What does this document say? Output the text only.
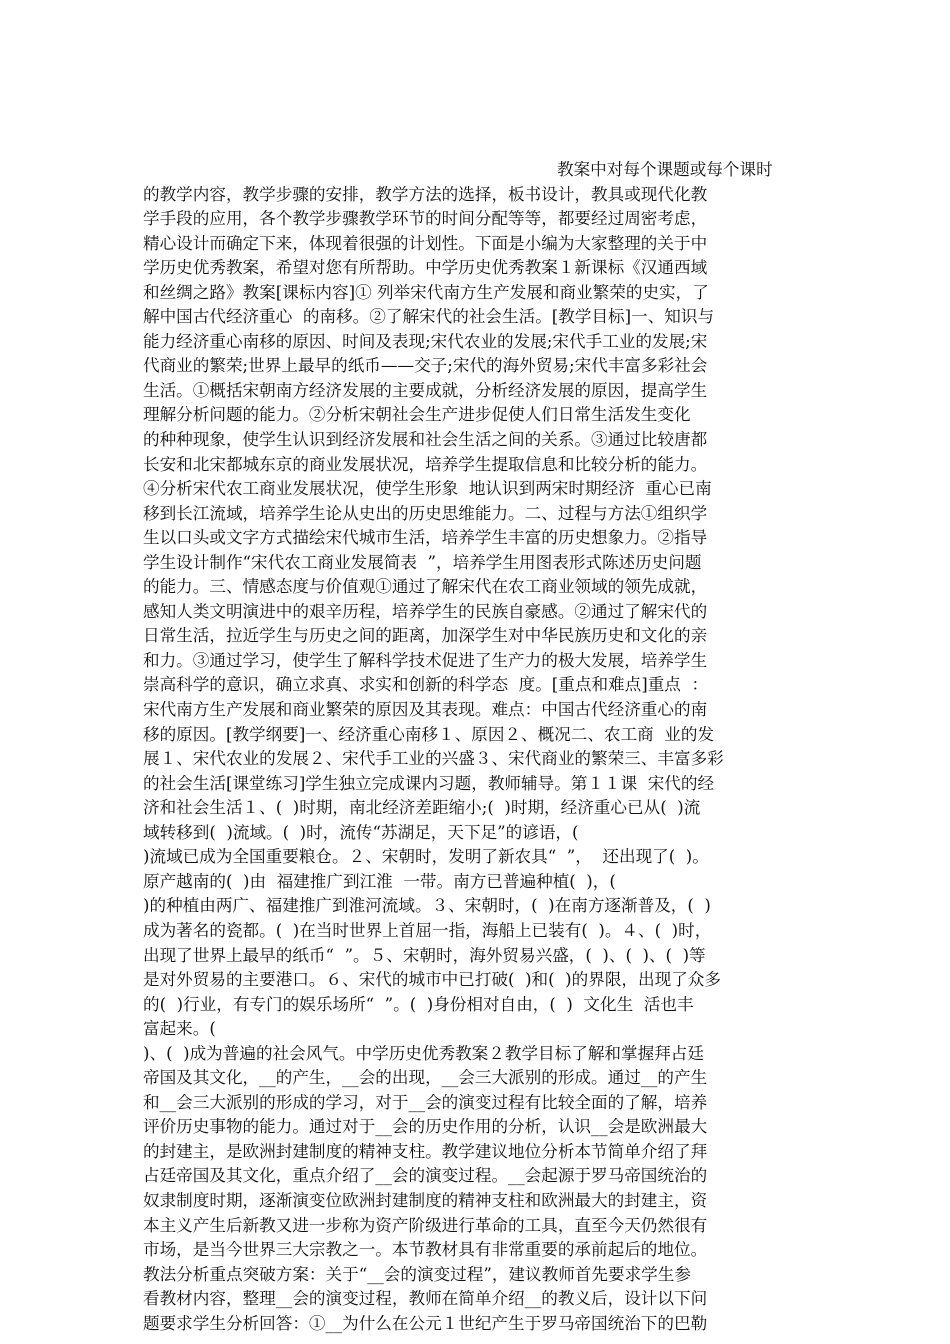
教案中对每个课题或每个课时
的教学内容，教学步骤的安排，教学方法的选择，板书设计，教具或现代化教
学手段的应用，各个教学步骤教学环节的时间分配等等，都要经过周密考虑，
精心设计而确定下来，体现着很强的计划性。下面是小编为大家整理的关于中
学历史优秀教案，希望对您有所帮助。中学历史优秀教案１新课标《汉通西域
和丝绸之路》教案[课标内容]① 列举宋代南方生产发展和商业繁荣的史实，了
解中国古代经济重心  的南移。②了解宋代的社会生活。[教学目标]一、知识与
能力经济重心南移的原因、时间及表现;宋代农业的发展;宋代手工业的发展;宋
代商业的繁荣;世界上最早的纸币——交子;宋代的海外贸易;宋代丰富多彩社会
生活。①概括宋朝南方经济发展的主要成就，分析经济发展的原因，提高学生
理解分析问题的能力。②分析宋朝社会生产进步促使人们日常生活发生变化
的种种现象，使学生认识到经济发展和社会生活之间的关系。③通过比较唐都
长安和北宋都城东京的商业发展状况，培养学生提取信息和比较分析的能力。
④分析宋代农工商业发展状况，使学生形象  地认识到两宋时期经济  重心已南
移到长江流域，培养学生论从史出的历史思维能力。二、过程与方法①组织学
生以口头或文字方式描绘宋代城市生活，培养学生丰富的历史想象力。②指导
学生设计制作“宋代农工商业发展简表  ”，培养学生用图表形式陈述历史问题
的能力。三、情感态度与价值观①通过了解宋代在农工商业领域的领先成就，
感知人类文明演进中的艰辛历程，培养学生的民族自豪感。②通过了解宋代的
日常生活，拉近学生与历史之间的距离，加深学生对中华民族历史和文化的亲
和力。③通过学习，使学生了解科学技术促进了生产力的极大发展，培养学生
崇高科学的意识，确立求真、求实和创新的科学态  度。[重点和难点]重点  ：
宋代南方生产发展和商业繁荣的原因及其表现。难点：中国古代经济重心的南
移的原因。[教学纲要]一、经济重心南移１、原因２、概况二、农工商  业的发
展１、宋代农业的发展２、宋代手工业的兴盛３、宋代商业的繁荣三、丰富多彩
的社会生活[课堂练习]学生独立完成课内习题，教师辅导。第１１课  宋代的经
济和社会生活１、(  )时期，南北经济差距缩小;(  )时期，经济重心已从(  )流
域转移到(  )流域。(  )时，流传“苏湖足，天下足”的谚语，(
)流域已成为全国重要粮仓。２、宋朝时，发明了新农具“  ”，  还出现了(  )。
原产越南的(  )由  福建推广到江淮  一带。南方已普遍种植(  )，(
)的种植由两广、福建推广到淮河流域。３、宋朝时，(  )在南方逐渐普及，(  )
成为著名的瓷都。(  )在当时世界上首屈一指，海船上已装有(  )。４、(  )时，
出现了世界上最早的纸币“  ”。５、宋朝时，海外贸易兴盛，(  )、(  )、(  )等
是对外贸易的主要港口。６、宋代的城市中已打破(  )和(  )的界限，出现了众多
的(  )行业，有专门的娱乐场所“  ”。(  )身份相对自由，(  )  文化生  活也丰
富起来。(
)、(  )成为普遍的社会风气。中学历史优秀教案２教学目标了解和掌握拜占廷
帝国及其文化，__的产生，__会的出现，__会三大派别的形成。通过__的产生
和__会三大派别的形成的学习，对于__会的演变过程有比较全面的了解，培养
评价历史事物的能力。通过对于__会的历史作用的分析，认识__会是欧洲最大
的封建主，是欧洲封建制度的精神支柱。教学建议地位分析本节简单介绍了拜
占廷帝国及其文化，重点介绍了__会的演变过程。__会起源于罗马帝国统治的
奴隶制度时期，逐渐演变位欧洲封建制度的精神支柱和欧洲最大的封建主，资
本主义产生后新教又进一步称为资产阶级进行革命的工具，直至今天仍然很有
市场，是当今世界三大宗教之一。本节教材具有非常重要的承前起后的地位。
教法分析重点突破方案：关于“__会的演变过程”，建议教师首先要求学生参
看教材内容，整理__会的演变过程，教师在简单介绍__的教义后，设计以下问
题要求学生分析回答：①__为什么在公元１世纪产生于罗马帝国统治下的巴勒
